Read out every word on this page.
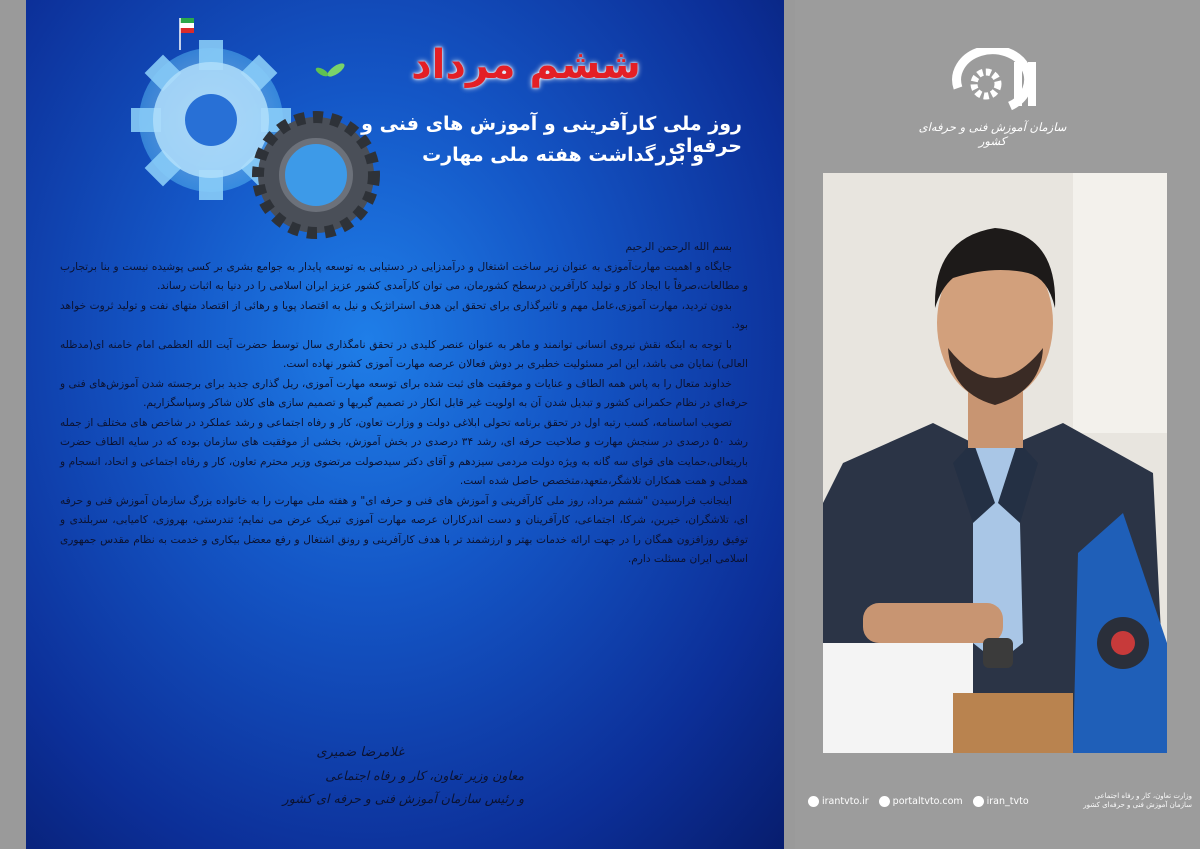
ششم مرداد
روز ملی کارآفرینی و آموزش های فنی و حرفه‌ای
و بزرگداشت هفته ملی مهارت

بسم الله الرحمن الرحیم

جایگاه و اهمیت مهارت‌آموزی به عنوان زیر ساخت اشتغال و درآمدزایی در دستیابی به توسعه پایدار به جوامع بشری بر کسی پوشیده نیست و بنا برتجارب و مطالعات،صرفاً با ایجاد کار و تولید کارآفرین درسطح کشورمان، می توان کارآمدی کشور عزیز ایران اسلامی را در دنیا به اثبات رساند.

بدون تردید، مهارت آموزی،عامل مهم و تاثیرگذاری برای تحقق این هدف استراتژیک و نیل به اقتصاد پویا و رهائی از اقتصاد متهای نفت و تولید ثروت خواهد بود.

با توجه به اینکه نقش نیروی انسانی توانمند و ماهر به عنوان عنصر کلیدی در تحقق نامگذاری سال توسط حضرت آیت الله العظمی امام خامنه ای(مدظله العالی) نمایان می باشد، این امر مسئولیت خطیری بر دوش فعالان عرصه مهارت آموزی کشور نهاده است.

خداوند متعال را به پاس همه الطاف و عنایات و موفقیت های ثبت شده برای توسعه مهارت آموزی، ریل گذاری جدید برای برجسته شدن آموزش‌های فنی و حرفه‌ای در نظام حکمرانی کشور و تبدیل شدن آن به اولویت غیر قابل انکار در تصمیم گیریها و تصمیم سازی های کلان شاکر وسپاسگزاریم.

تصویب اساسنامه، کسب رتبه اول در تحقق برنامه تحولی ابلاغی دولت و وزارت تعاون، کار و رفاه اجتماعی و رشد عملکرد در شاخص های مختلف از جمله رشد ۵۰ درصدی در سنجش مهارت و صلاحیت حرفه ای، رشد ۳۴ درصدی در بخش آموزش، بخشی از موفقیت های سازمان بوده که در سایه الطاف حضرت باریتعالی،حمایت های قوای سه گانه به ویژه دولت مردمی سیزدهم و آقای دکتر سیدصولت مرتضوی وزیر محترم تعاون، کار و رفاه اجتماعی و اتحاد، انسجام و همدلی و همت همکاران تلاشگر،متعهد،متخصص حاصل شده است.

اینجانب فرارسیدن "ششم مرداد، روز ملی کارآفرینی و آموزش های فنی و حرفه ای" و هفته ملی مهارت را به خانواده بزرگ سازمان آموزش فنی و حرفه ای، تلاشگران، خیرین، شرکا، اجتماعی، کارآفرینان و دست اندرکاران عرصه مهارت آموزی تبریک عرض می نمایم؛ تندرستی، بهروزی، کامیابی، سربلندی و توفیق روزافزون همگان را در جهت ارائه خدمات بهتر و ارزشمند تر با هدف کارآفرینی و رونق اشتغال و رفع معضل بیکاری و خدمت به نظام مقدس جمهوری اسلامی ایران مسئلت دارم.

غلامرضا ضمیری
معاون وزیر تعاون، کار و رفاه اجتماعی
و رئیس سازمان آموزش فنی و حرفه ای کشور
سازمان آموزش فنی و حرفه‌ای کشور
irantvto.ir	portaltvto.com	iran_tvto	وزارت تعاون، کار و رفاه اجتماعی
سازمان آموزش فنی و حرفه‌ای کشور
